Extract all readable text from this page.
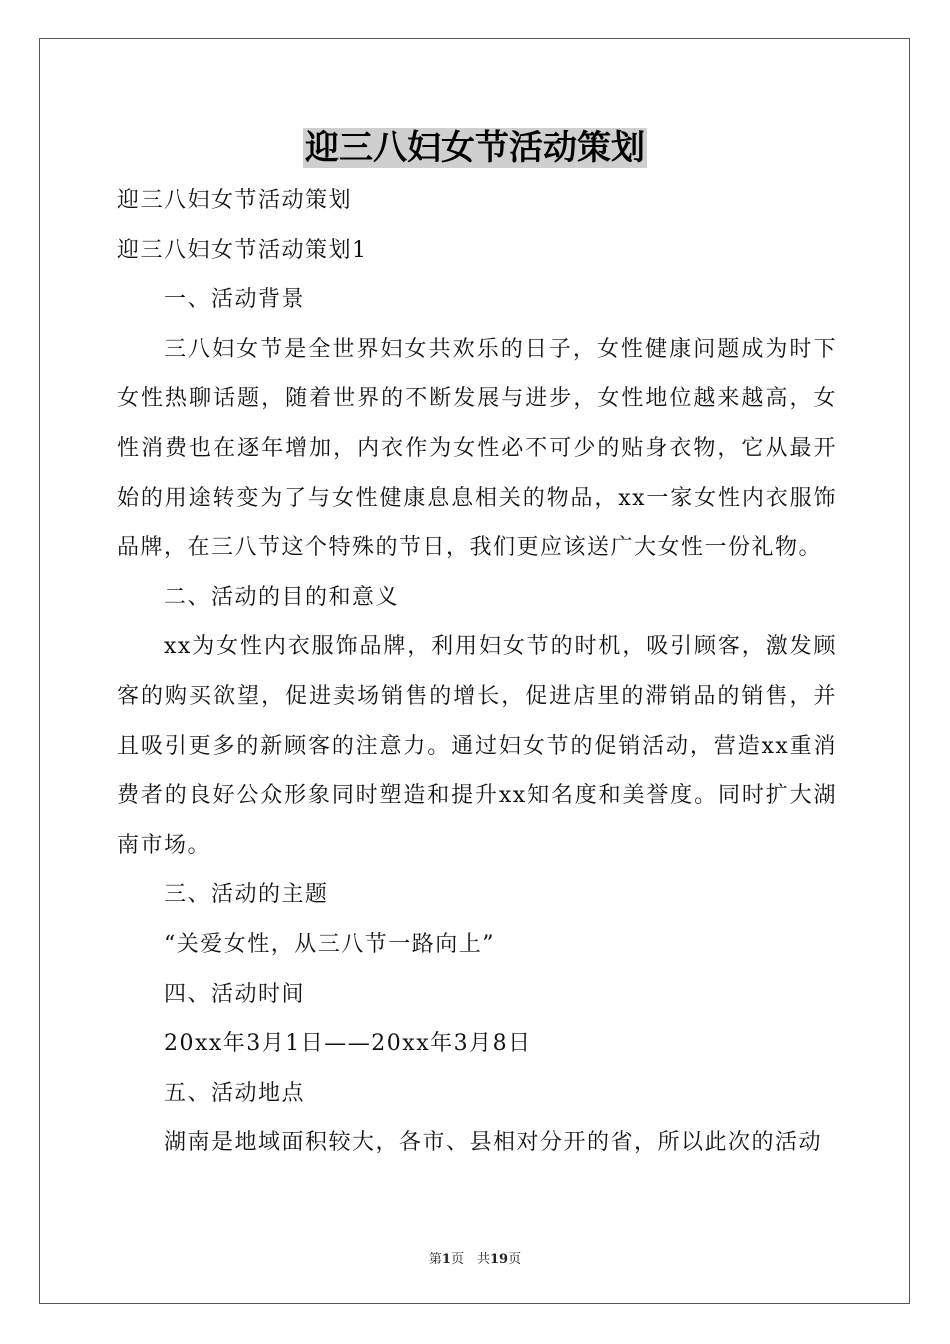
迎三八妇女节活动策划

迎三八妇女节活动策划

迎三八妇女节活动策划1

一、活动背景

三八妇女节是全世界妇女共欢乐的日子，女性健康问题成为时下女性热聊话题，随着世界的不断发展与进步，女性地位越来越高，女性消费也在逐年增加，内衣作为女性必不可少的贴身衣物，它从最开始的用途转变为了与女性健康息息相关的物品，xx一家女性内衣服饰品牌，在三八节这个特殊的节日，我们更应该送广大女性一份礼物。

二、活动的目的和意义

xx为女性内衣服饰品牌，利用妇女节的时机，吸引顾客，激发顾客的购买欲望，促进卖场销售的增长，促进店里的滞销品的销售，并且吸引更多的新顾客的注意力。通过妇女节的促销活动，营造xx重消费者的良好公众形象同时塑造和提升xx知名度和美誉度。同时扩大湖南市场。

三、活动的主题

“关爱女性，从三八节一路向上”

四、活动时间

20xx年3月1日——20xx年3月8日

五、活动地点

湖南是地域面积较大，各市、县相对分开的省，所以此次的活动

第1页　共19页
